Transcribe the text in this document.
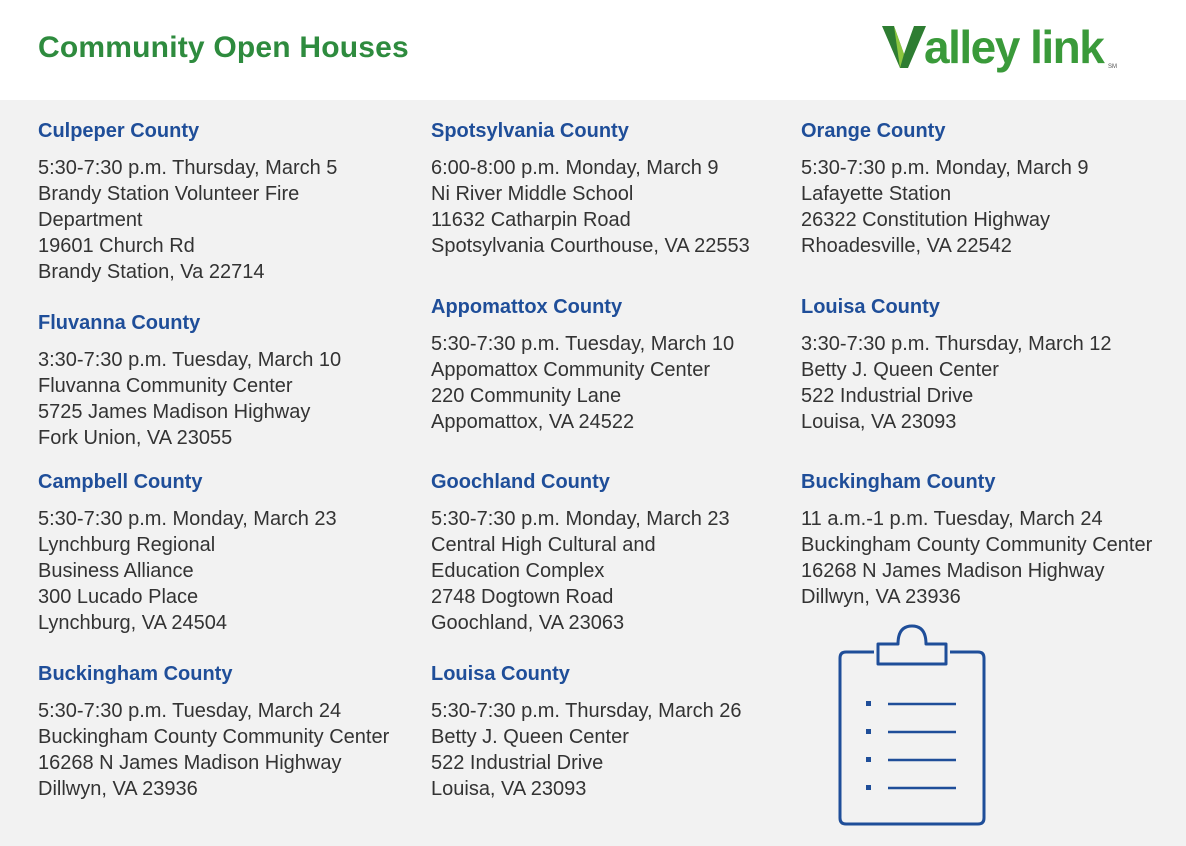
Community Open Houses	alley link SM
Culpeper County
5:30-7:30 p.m. Thursday, March 5
Brandy Station Volunteer Fire
Department
19601 Church Rd
Brandy Station, Va 22714
Fluvanna County
3:30-7:30 p.m. Tuesday, March 10
Fluvanna Community Center
5725 James Madison Highway
Fork Union, VA 23055
Campbell County
5:30-7:30 p.m. Monday, March 23
Lynchburg Regional
Business Alliance
300 Lucado Place
Lynchburg, VA 24504
Buckingham County
5:30-7:30 p.m. Tuesday, March 24
Buckingham County Community Center
16268 N James Madison Highway
Dillwyn, VA 23936
Spotsylvania County
6:00-8:00 p.m. Monday, March 9
Ni River Middle School
11632 Catharpin Road
Spotsylvania Courthouse, VA 22553
Appomattox County
5:30-7:30 p.m. Tuesday, March 10
Appomattox Community Center
220 Community Lane
Appomattox, VA 24522
Goochland County
5:30-7:30 p.m. Monday, March 23
Central High Cultural and
Education Complex
2748 Dogtown Road
Goochland, VA 23063
Louisa County
5:30-7:30 p.m. Thursday, March 26
Betty J. Queen Center
522 Industrial Drive
Louisa, VA 23093
Orange County
5:30-7:30 p.m. Monday, March 9
Lafayette Station
26322 Constitution Highway
Rhoadesville, VA 22542
Louisa County
3:30-7:30 p.m. Thursday, March 12
Betty J. Queen Center
522 Industrial Drive
Louisa, VA 23093
Buckingham County
11 a.m.-1 p.m. Tuesday, March 24
Buckingham County Community Center
16268 N James Madison Highway
Dillwyn, VA 23936
